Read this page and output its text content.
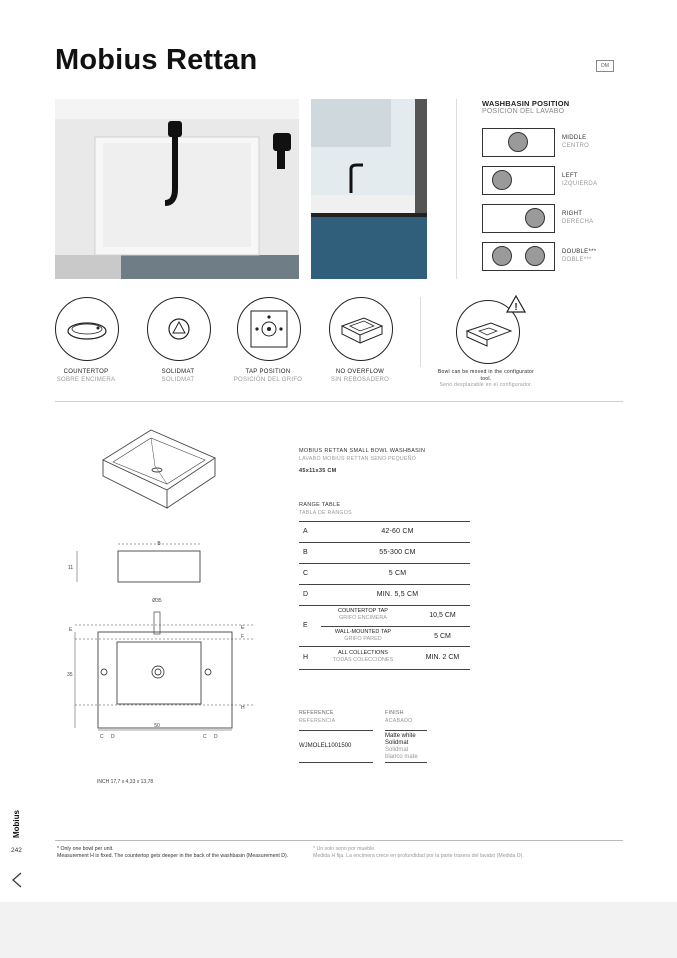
Mobius Rettan	DM
WASHBASIN POSITION
POSICIÓN DEL LAVABO
MIDDLE
CENTRO
LEFT
IZQUIERDA
RIGHT
DERECHA
DOUBLE***
DOBLE***
COUNTERTOP
SOBRE ENCIMERA
SOLIDMAT
SOLIDMAT
TAP POSITION
POSICIÓN DEL GRIFO
NO OVERFLOW
SIN REBOSADERO
!
Bowl can be moved in the configurator tool.
Seno desplazable en el configurador.
B
11
Ø35
35
50
E	E
F
H
C D	C D
INCH 17,7 x 4,33 x 13,78
MOBIUS RETTAN SMALL BOWL WASHBASIN
LAVABO MOBIUS RETTAN SENO PEQUEÑO
45x11x35 CM
RANGE TABLE
TABLA DE RANGOS
A	42-60 CM
B	55-300 CM
C	5 CM
D	MIN. 5,5 CM
E
COUNTERTOP TAP
GRIFO ENCIMERA	10,5 CM
WALL-MOUNTED TAP
GRIFO PARED	5 CM
H
ALL COLLECTIONS
TODAS COLECCIONES	MIN. 2 CM
REFERENCE
REFERENCIA
FINISH
ACABADO
WJMOLEL1001500
Matte white
Solidmat
Solidmat
blanco mate
Mobius
242	* Only one bowl per unit.
Measurement H is fixed. The countertop gets deeper in the back of the washbasin (Measurement D).
* Un solo seno por mueble.
Medida H fija. La encimera crece en profundidad por la parte trasera del lavabo (Medida D).
